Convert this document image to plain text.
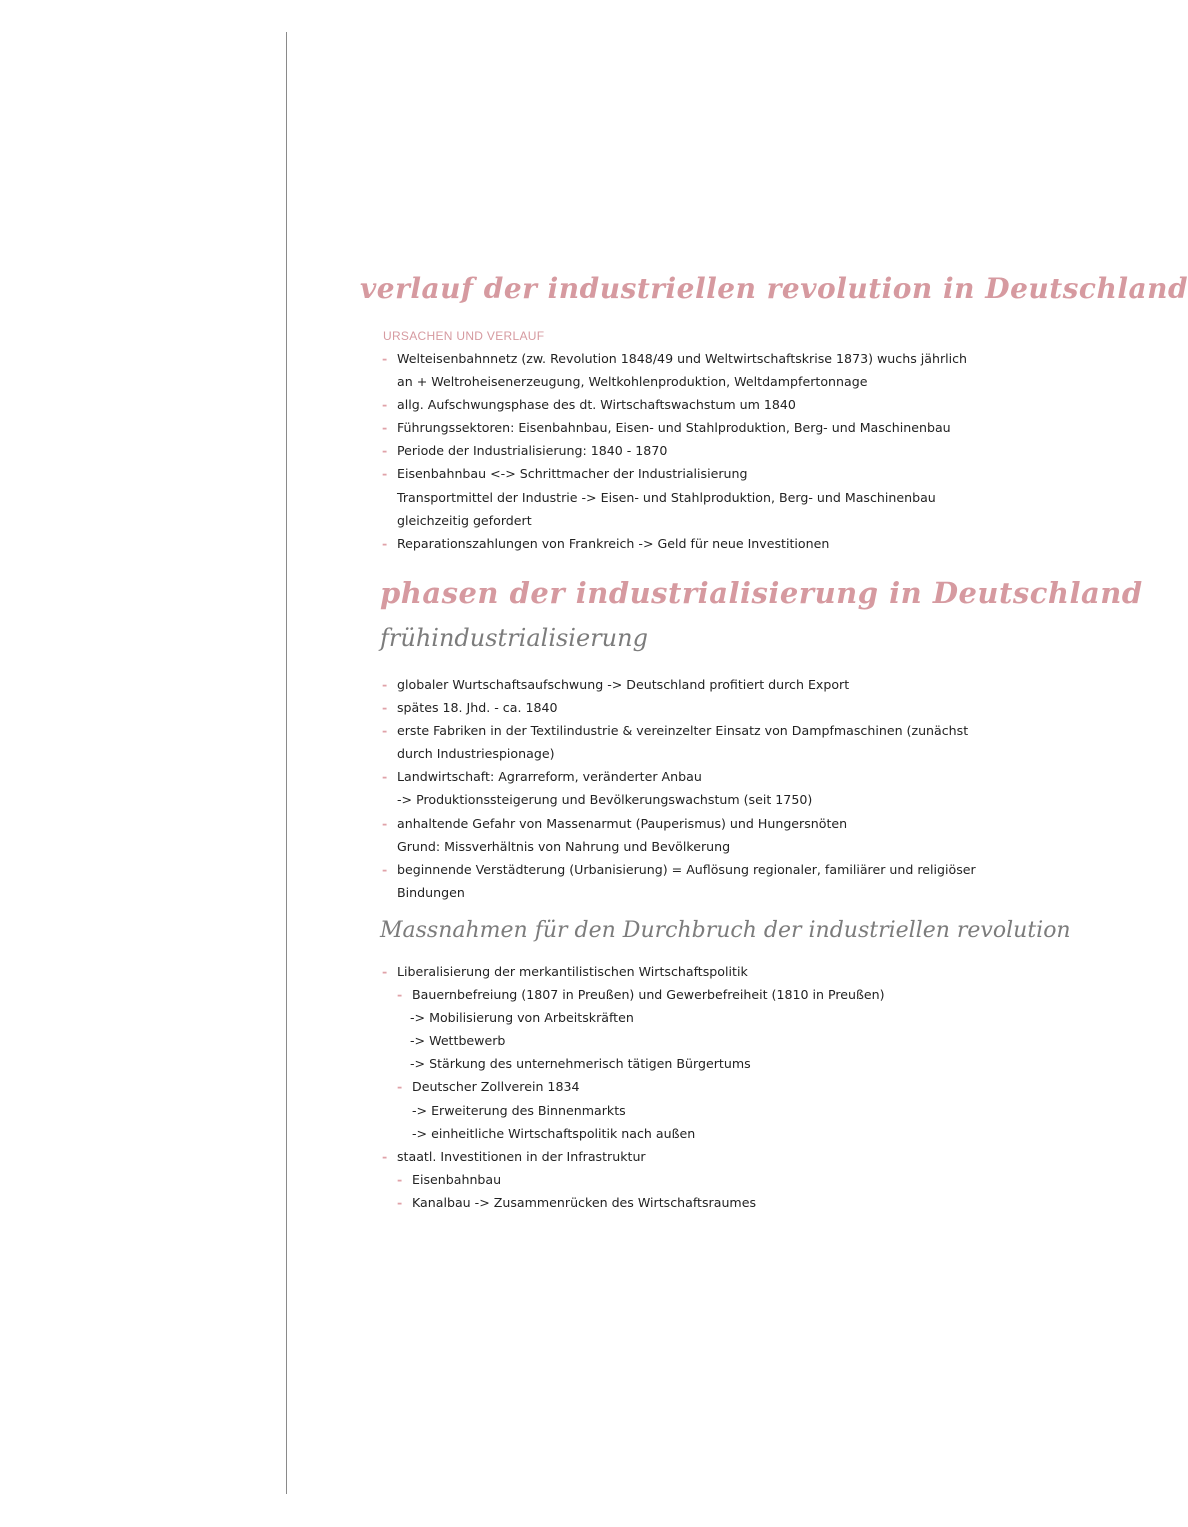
verlauf der industriellen revolution in Deutschland
URSACHEN UND VERLAUF
- Welteisenbahnnetz (zw. Revolution 1848/49 und Weltwirtschaftskrise 1873) wuchs jährlich
an + Weltroheisenerzeugung, Weltkohlenproduktion, Weltdampfertonnage
- allg. Aufschwungsphase des dt. Wirtschaftswachstum um 1840
- Führungssektoren: Eisenbahnbau, Eisen- und Stahlproduktion, Berg- und Maschinenbau
- Periode der Industrialisierung: 1840 - 1870
- Eisenbahnbau <-> Schrittmacher der Industrialisierung
Transportmittel der Industrie -> Eisen- und Stahlproduktion, Berg- und Maschinenbau
gleichzeitig gefordert
- Reparationszahlungen von Frankreich -> Geld für neue Investitionen
phasen der industrialisierung in Deutschland
frühindustrialisierung
- globaler Wurtschaftsaufschwung -> Deutschland profitiert durch Export
- spätes 18. Jhd. - ca. 1840
- erste Fabriken in der Textilindustrie & vereinzelter Einsatz von Dampfmaschinen (zunächst
durch Industriespionage)
- Landwirtschaft: Agrarreform, veränderter Anbau
-> Produktionssteigerung und Bevölkerungswachstum (seit 1750)
- anhaltende Gefahr von Massenarmut (Pauperismus) und Hungersnöten
Grund: Missverhältnis von Nahrung und Bevölkerung
- beginnende Verstädterung (Urbanisierung) = Auflösung regionaler, familiärer und religiöser
Bindungen
Massnahmen für den Durchbruch der industriellen revolution
- Liberalisierung der merkantilistischen Wirtschaftspolitik
- Bauernbefreiung (1807 in Preußen) und Gewerbefreiheit (1810 in Preußen)
-> Mobilisierung von Arbeitskräften
-> Wettbewerb
-> Stärkung des unternehmerisch tätigen Bürgertums
- Deutscher Zollverein 1834
-> Erweiterung des Binnenmarkts
-> einheitliche Wirtschaftspolitik nach außen
- staatl. Investitionen in der Infrastruktur
- Eisenbahnbau
- Kanalbau -> Zusammenrücken des Wirtschaftsraumes
